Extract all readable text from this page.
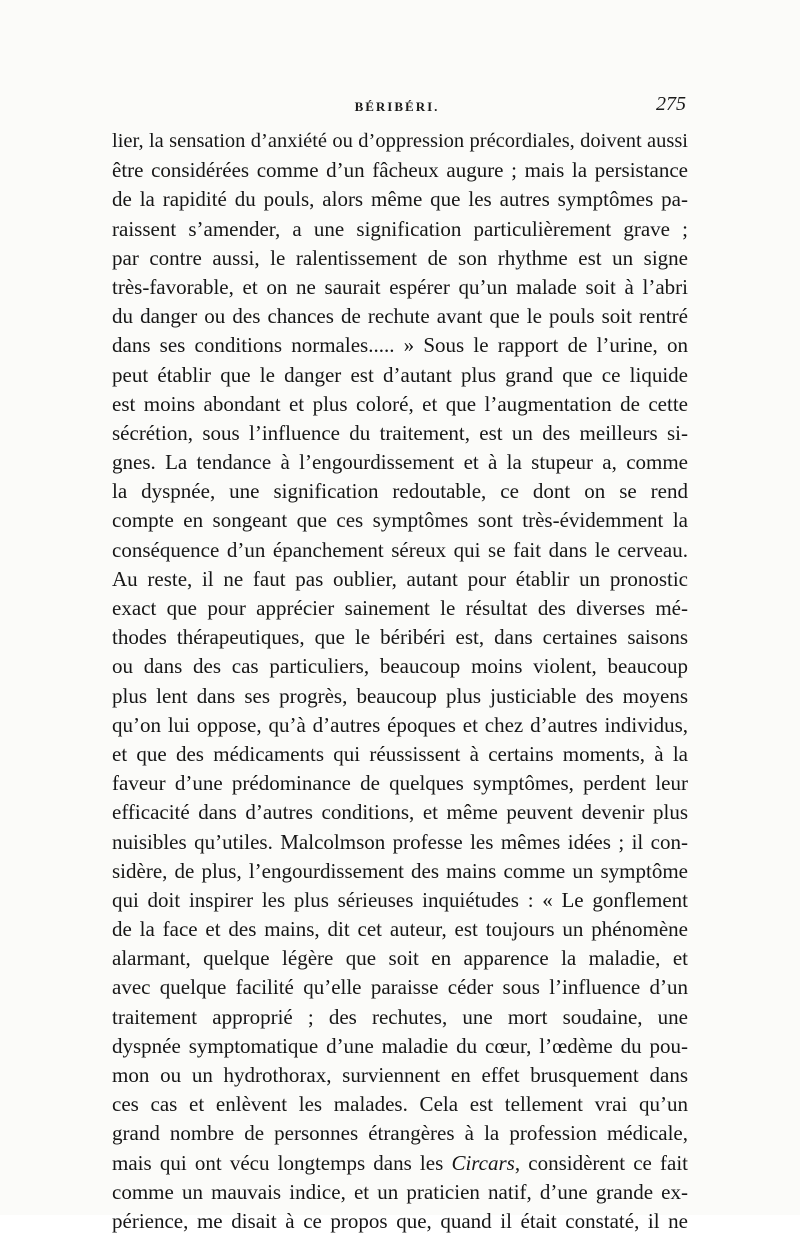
BÉRIBÉRI.	275
lier, la sensation d’anxiété ou d’oppression précordiales, doivent aussi
être considérées comme d’un fâcheux augure ; mais la persistance
de la rapidité du pouls, alors même que les autres symptômes pa-
raissent s’amender, a une signification particulièrement grave ;
par contre aussi, le ralentissement de son rhythme est un signe
très-favorable, et on ne saurait espérer qu’un malade soit à l’abri
du danger ou des chances de rechute avant que le pouls soit rentré
dans ses conditions normales..... » Sous le rapport de l’urine, on
peut établir que le danger est d’autant plus grand que ce liquide
est moins abondant et plus coloré, et que l’augmentation de cette
sécrétion, sous l’influence du traitement, est un des meilleurs si-
gnes. La tendance à l’engourdissement et à la stupeur a, comme
la dyspnée, une signification redoutable, ce dont on se rend
compte en songeant que ces symptômes sont très-évidemment la
conséquence d’un épanchement séreux qui se fait dans le cerveau.
Au reste, il ne faut pas oublier, autant pour établir un pronostic
exact que pour apprécier sainement le résultat des diverses mé-
thodes thérapeutiques, que le béribéri est, dans certaines saisons
ou dans des cas particuliers, beaucoup moins violent, beaucoup
plus lent dans ses progrès, beaucoup plus justiciable des moyens
qu’on lui oppose, qu’à d’autres époques et chez d’autres individus,
et que des médicaments qui réussissent à certains moments, à la
faveur d’une prédominance de quelques symptômes, perdent leur
efficacité dans d’autres conditions, et même peuvent devenir plus
nuisibles qu’utiles. Malcolmson professe les mêmes idées ; il con-
sidère, de plus, l’engourdissement des mains comme un symptôme
qui doit inspirer les plus sérieuses inquiétudes : « Le gonflement
de la face et des mains, dit cet auteur, est toujours un phénomène
alarmant, quelque légère que soit en apparence la maladie, et
avec quelque facilité qu’elle paraisse céder sous l’influence d’un
traitement approprié ; des rechutes, une mort soudaine, une
dyspnée symptomatique d’une maladie du cœur, l’œdème du pou-
mon ou un hydrothorax, surviennent en effet brusquement dans
ces cas et enlèvent les malades. Cela est tellement vrai qu’un
grand nombre de personnes étrangères à la profession médicale,
mais qui ont vécu longtemps dans les Circars, considèrent ce fait
comme un mauvais indice, et un praticien natif, d’une grande ex-
périence, me disait à ce propos que, quand il était constaté, il ne
